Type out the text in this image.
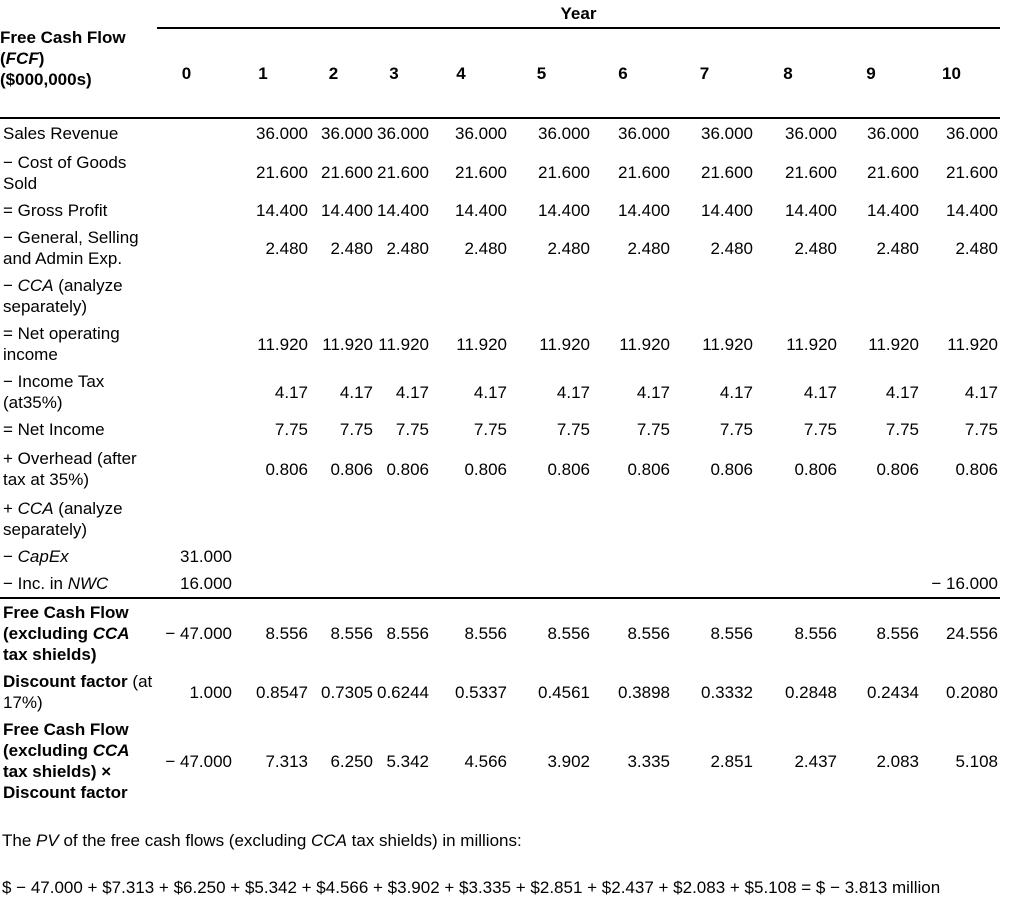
Free Cash Flow
(FCF)
($000,000s)	Year										
	0	1	2	3	4	5	6	7	8	9	10
Sales Revenue		36.000	36.000	36.000	36.000	36.000	36.000	36.000	36.000	36.000	36.000
− Cost of Goods Sold		21.600	21.600	21.600	21.600	21.600	21.600	21.600	21.600	21.600	21.600
= Gross Profit		14.400	14.400	14.400	14.400	14.400	14.400	14.400	14.400	14.400	14.400
− General, Selling and Admin Exp.		2.480	2.480	2.480	2.480	2.480	2.480	2.480	2.480	2.480	2.480
− CCA (analyze separately)											
= Net operating income		11.920	11.920	11.920	11.920	11.920	11.920	11.920	11.920	11.920	11.920
− Income Tax (at35%)		4.17	4.17	4.17	4.17	4.17	4.17	4.17	4.17	4.17	4.17
= Net Income		7.75	7.75	7.75	7.75	7.75	7.75	7.75	7.75	7.75	7.75
+ Overhead (after tax at 35%)		0.806	0.806	0.806	0.806	0.806	0.806	0.806	0.806	0.806	0.806
+ CCA (analyze separately)											
− CapEx	31.000										
− Inc. in NWC	16.000										− 16.000
Free Cash Flow (excluding CCA tax shields)	− 47.000	8.556	8.556	8.556	8.556	8.556	8.556	8.556	8.556	8.556	24.556
Discount factor (at 17%)	1.000	0.8547	0.7305	0.6244	0.5337	0.4561	0.3898	0.3332	0.2848	0.2434	0.2080
Free Cash Flow (excluding CCA tax shields) × Discount factor	− 47.000	7.313	6.250	5.342	4.566	3.902	3.335	2.851	2.437	2.083	5.108

The PV of the free cash flows (excluding CCA tax shields) in millions:

$ − 47.000 + $7.313 + $6.250 + $5.342 + $4.566 + $3.902 + $3.335 + $2.851 + $2.437 + $2.083 + $5.108 = $ − 3.813 million
